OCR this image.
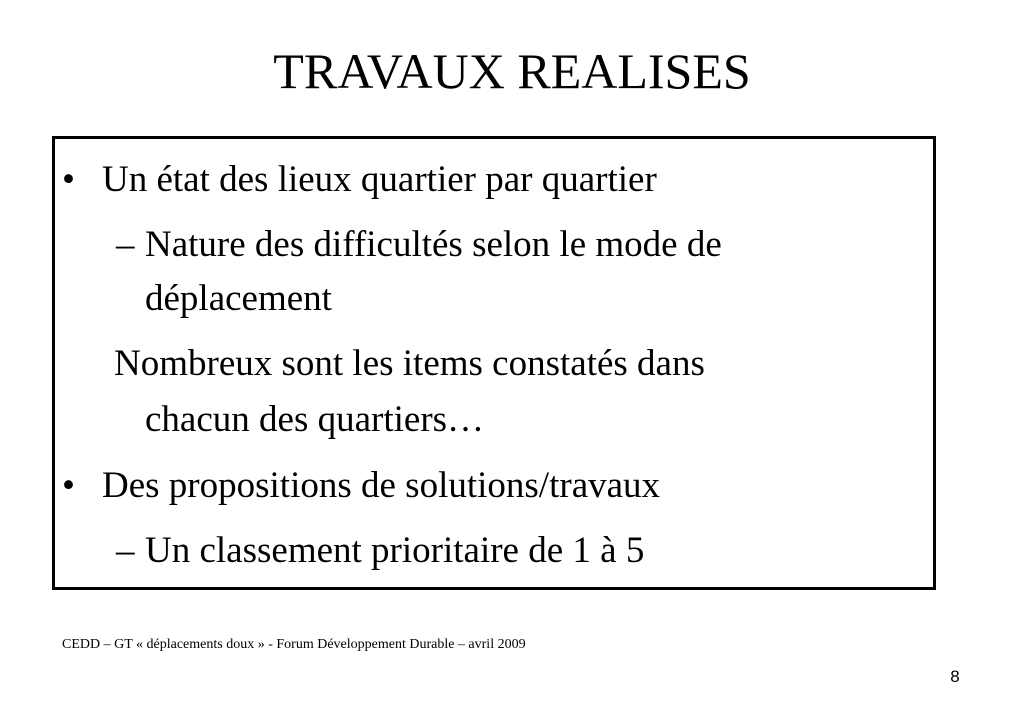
TRAVAUX REALISES
• Un état des lieux quartier par quartier
– Nature des difficultés selon le mode de
déplacement
Nombreux sont les items constatés dans
chacun des quartiers…
• Des propositions de solutions/travaux
– Un classement prioritaire de 1 à 5
CEDD – GT « déplacements doux » - Forum Développement Durable – avril 2009
8
